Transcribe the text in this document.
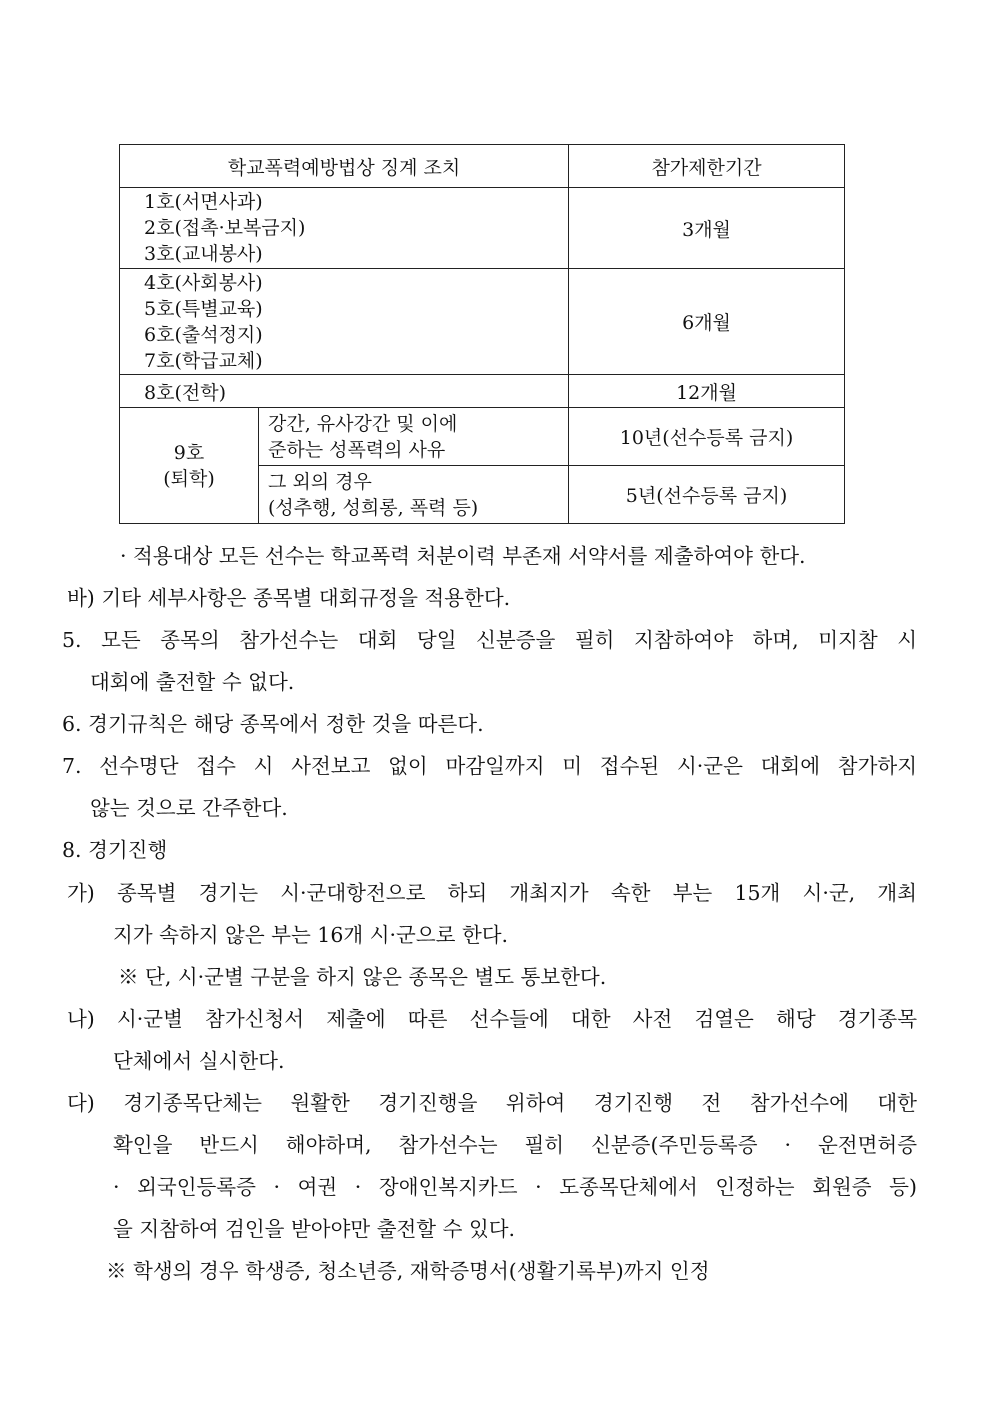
학교폭력예방법상 징계 조치		참가제한기간

1호(서면사과)
2호(접촉·보복금지)
3호(교내봉사)		3개월

4호(사회봉사)
5호(특별교육)
6호(출석정지)
7호(학급교체)		6개월
8호(전학)		12개월

9호
(퇴학)	강간, 유사강간 및 이에
준하는 성폭력의 사유	10년(선수등록 금지)

	그 외의 경우
(성추행, 성희롱, 폭력 등)	5년(선수등록 금지)
· 적용대상 모든 선수는 학교폭력 처분이력 부존재 서약서를 제출하여야 한다.
바) 기타 세부사항은 종목별 대회규정을 적용한다.
5. 모든 종목의 참가선수는 대회 당일 신분증을 필히 지참하여야 하며, 미지참 시
대회에 출전할 수 없다.
6. 경기규칙은 해당 종목에서 정한 것을 따른다.
7. 선수명단 접수 시 사전보고 없이 마감일까지 미 접수된 시·군은 대회에 참가하지
않는 것으로 간주한다.
8. 경기진행
가) 종목별 경기는 시·군대항전으로 하되 개최지가 속한 부는 15개 시·군, 개최
지가 속하지 않은 부는 16개 시·군으로 한다.
※ 단, 시·군별 구분을 하지 않은 종목은 별도 통보한다.
나) 시·군별 참가신청서 제출에 따른 선수들에 대한 사전 검열은 해당 경기종목
단체에서 실시한다.
다) 경기종목단체는 원활한 경기진행을 위하여 경기진행 전 참가선수에 대한
확인을 반드시 해야하며, 참가선수는 필히 신분증(주민등록증 · 운전면허증
· 외국인등록증 · 여권 · 장애인복지카드 · 도종목단체에서 인정하는 회원증 등)
을 지참하여 검인을 받아야만 출전할 수 있다.
※ 학생의 경우 학생증, 청소년증, 재학증명서(생활기록부)까지 인정
